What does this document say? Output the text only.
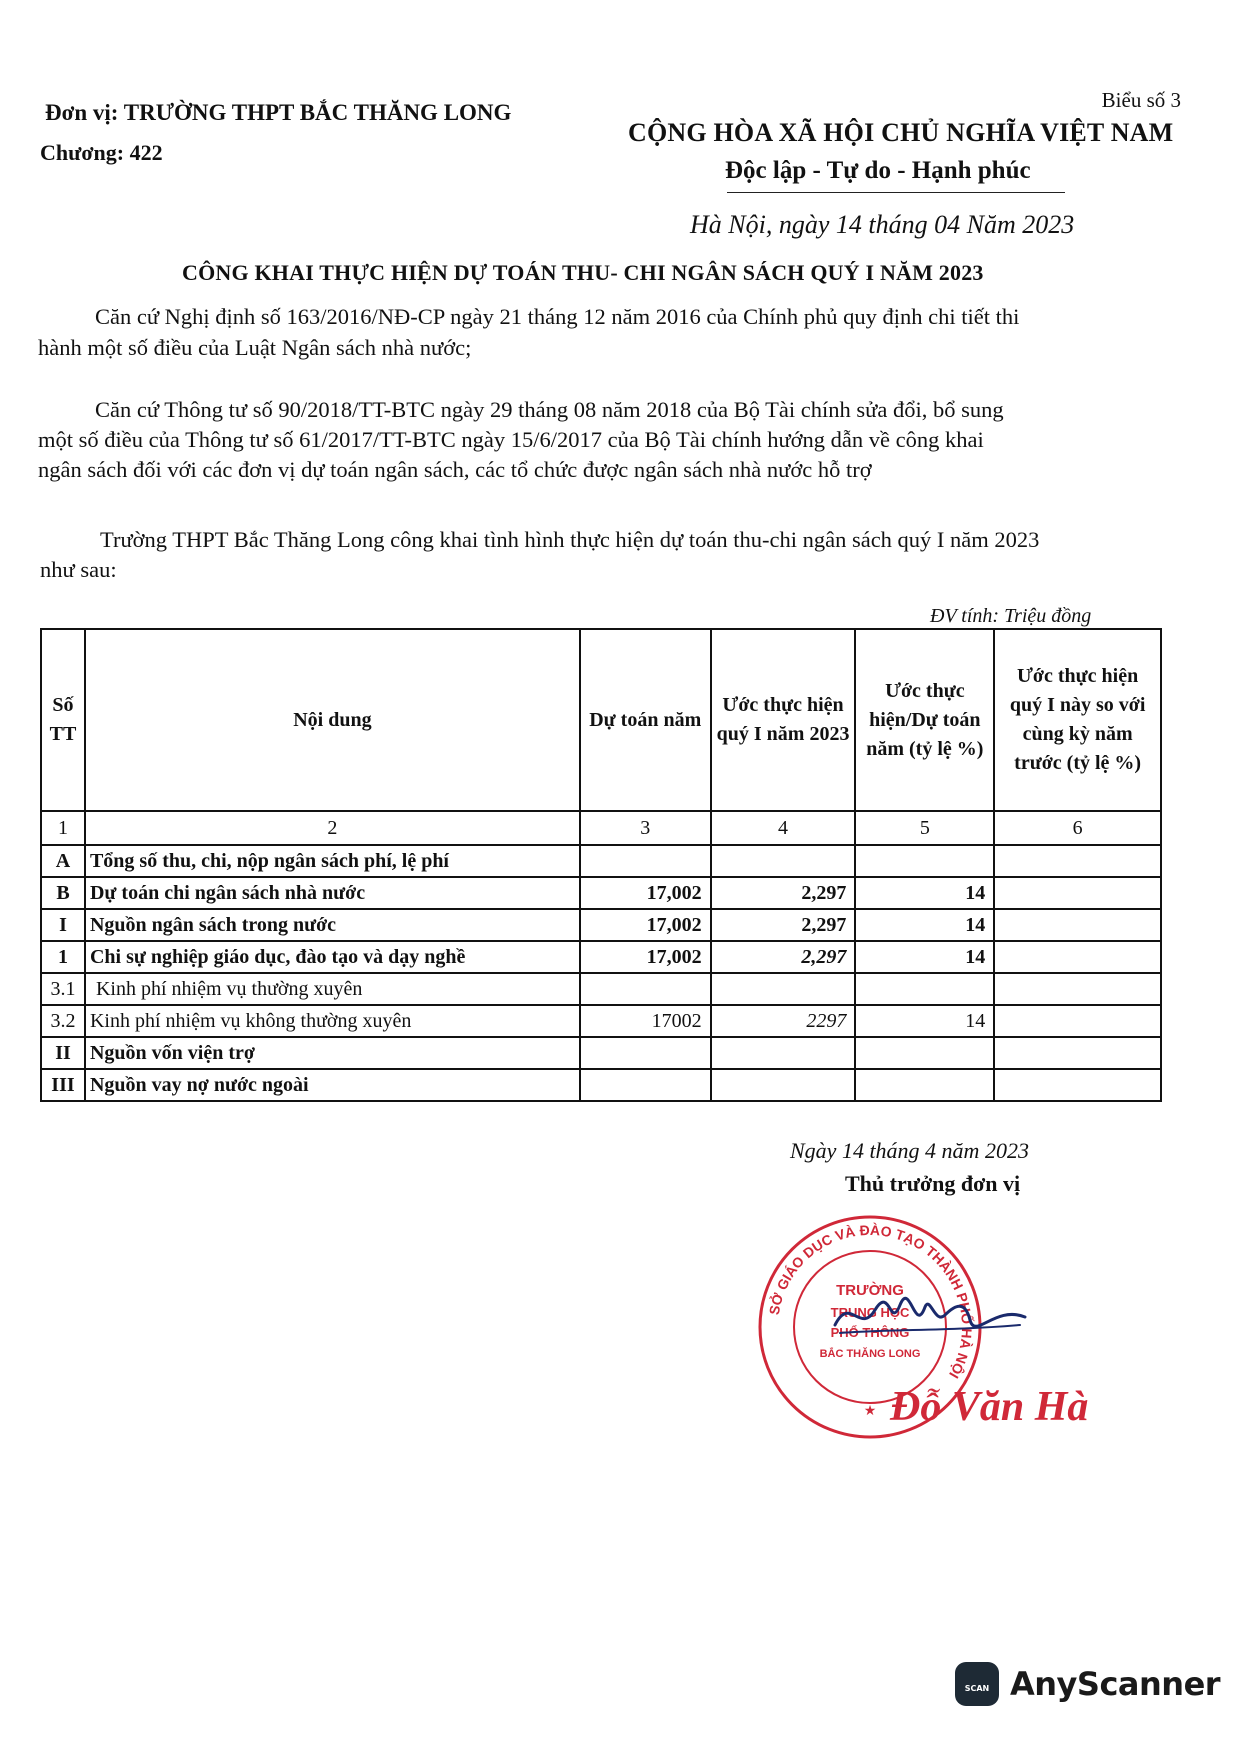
Biểu số 3
Đơn vị: TRƯỜNG THPT BẮC THĂNG LONG
Chương: 422
CỘNG HÒA XÃ HỘI CHỦ NGHĨA VIỆT NAM
Độc lập - Tự do - Hạnh phúc
Hà Nội, ngày 14 tháng 04 Năm 2023
CÔNG KHAI THỰC HIỆN DỰ TOÁN THU- CHI NGÂN SÁCH QUÝ I NĂM 2023
Căn cứ Nghị định số 163/2016/NĐ-CP ngày 21 tháng 12 năm 2016 của Chính phủ quy định chi tiết thi
hành một số điều của Luật Ngân sách nhà nước;
Căn cứ Thông tư số 90/2018/TT-BTC ngày 29 tháng 08 năm 2018 của Bộ Tài chính sửa đổi, bổ sung
một số điều của Thông tư số 61/2017/TT-BTC ngày 15/6/2017 của Bộ Tài chính hướng dẫn về công khai
ngân sách đối với các đơn vị dự toán ngân sách, các tổ chức được ngân sách nhà nước hỗ trợ
Trường THPT Bắc Thăng Long công khai tình hình thực hiện dự toán thu-chi ngân sách quý I năm 2023
như sau:
ĐV tính: Triệu đồng
Số TT	Nội dung	Dự toán năm	Ước thực hiện quý I năm 2023	Ước thực hiện/Dự toán năm (tỷ lệ %)	Ước thực hiện quý I này so với cùng kỳ năm trước (tỷ lệ %)
1	2	3	4	5	6
A	Tổng số thu, chi, nộp ngân sách phí, lệ phí				
B	Dự toán chi ngân sách nhà nước	17,002	2,297	14	
I	Nguồn ngân sách trong nước	17,002	2,297	14	
1	Chi sự nghiệp giáo dục, đào tạo và dạy nghề	17,002	2,297	14	
3.1	Kinh phí nhiệm vụ thường xuyên				
3.2	Kinh phí nhiệm vụ không thường xuyên	17002	2297	14	
II	Nguồn vốn viện trợ				
III	Nguồn vay nợ nước ngoài				
Ngày 14 tháng 4 năm 2023
Thủ trưởng đơn vị
SỞ GIÁO DỤC VÀ ĐÀO TẠO THÀNH PHỐ HÀ NỘI
TRƯỜNG
TRUNG HỌC
PHỔ THÔNG
BẮC THĂNG LONG
★ Đỗ Văn Hà
SCAN AnyScanner
